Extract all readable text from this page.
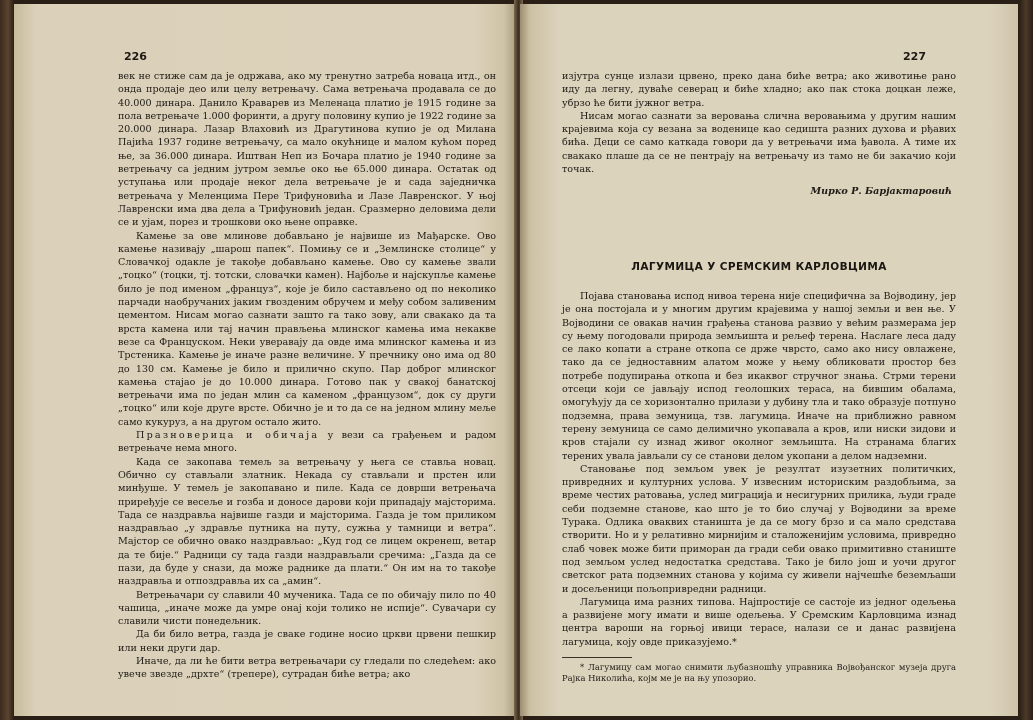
226

век не стиже сам да је одржава, ако му тренутно затреба новаца итд., он онда продаје део или целу ветрењачу. Сама ветрењача продавала се до 40.000 динара. Данило Краварев из Меленаца платио је 1915 године за пола ветрењаче 1.000 форинти, а другу половину купио је 1922 године за 20.000 динара. Лазар Влаховић из Драгутинова купио је од Милана Пајића 1937 године ветрењачу, са малo окућнице и малом кућом поред ње, за 36.000 динара. Иштван Неп из Бочара платио је 1940 године за ветрењачу са једним јутром земље око ње 65.000 динара. Остатак од уступања или продаје неког дела ветрењаче је и сада заједничка ветрењача у Меленцима Пере Трифуновића и Лазе Лавренског. У њој Лавренски има два дела а Трифуновић један. Сразмерно деловима дели се и ујам, порез и трошкови око њене оправке.

Камење за ове млинове добављано је највише из Мађарске. Ово камење називају „шарош папек“. Помињу се и „Землинске столице“ у Словачкој одакле је такође добављано камење. Ово су камење звали „тоцко“ (тоцки, тј. тотски, словачки камен). Најбоље и најскупље камење било је под именом „француз“, које је било састављено од по неколико парчади наобручаних јаким гвозденим обручем и међу собом заливеним цементом. Нисам могао сазнати зашто га тако зову, али свакако да та врста камена или тај начин прављења млинског камења има некакве везе са Француском. Неки уверавају да овде има млинског камења и из Трстеника. Камење је иначе разне величине. У пречнику оно има од 80 до 130 см. Камење је било и прилично скупо. Пар доброг млинског камења стајао је до 10.000 динара. Готово пак у свакој банатској ветрењачи има по један млин са каменом „французом“, док су други „тоцко“ или које друге врсте. Обично је и то да се на једном млину меље само кукуруз, а на другом остало жито.

Празноверица и обичаја у вези са грађењем и радом ветрењаче нема много.

Када се закопава темељ за ветрењачу у њега се ставља новац. Обично су стављали златник. Некада су стављали и прстен или минђуше. У темељ је закопавано и пиле. Када се доврши ветрењача приређује се весеље и гозба и доносе дарови који припадају мајсторима. Тада се наздравља највише газди и мајсторима. Газда је том приликом наздрављао „у здравље путника на путу, сужња у тамници и ветра“. Мајстор се обично овако наздрављао: „Куд год се лицем окренеш, ветар да те бије.“ Радници су тада газди наздрављали сречима: „Газда да се пази, да буде у снази, да може раднике да плати.“ Он им на то такође наздравља и отпоздравља их са „амин“.

Ветрењачари су славили 40 мученика. Тада се по обичају пило по 40 чашица, „иначе може да умре онај који толико не испије“. Сувачари су славили чисти понедељник.

Да би било ветра, газда је сваке године носио цркви црвени пешкир или неки други дар.

Иначе, да ли ће бити ветра ветрењачари су гледали по следећем: ако увече звезде „дрхте“ (трепере), сутрадан биће ветра; ако

227

изјутра сунце излази црвено, преко дана биће ветра; ако животиње рано иду да легну, дуваће северац и биће хладно; ако пак стока доцкан леже, убрзо ће бити јужног ветра.

Нисам могао сазнати за веровања слична веровањима у другим нашим крајевима која су везана за воденице као седишта разних духова и рђавих бића. Деци се само каткада говори да у ветрењачи има ђавола. А тиме их свакако плаше да се не пентрају на ветрењачу из тамо не би закачио који точак.

Мирко Р. Барјактаровић
ЛАГУМИЦА У СРЕМСКИМ КАРЛОВЦИМА

Појава становања испод нивоа терена није специфична за Војводину, јер је она постојала и у многим другим крајевима у нашој земљи и вен ње. У Војводини се овакав начин грађења станова развио у већим размерама јер су њему погодовали природа земљишта и рељеф терена. Наслаге леса даду се лако копати а стране откопа се држе чврсто, само ако нису овлажене, тако да се једноставним алатом може у њему обликовати простор без потребе подупирања откопа и без икаквог стручног знања. Стрми терени отсеци који се јављају испод геолошких тераса, на бившим обалама, омогућују да се хоризонтално прилази у дубину тла и тако образује потпуно подземна, права земуница, тзв. лагумица. Иначе на приближно равном терену земуница се само делимично укопавала а кров, или ниски зидови и кров стајали су изнад живог околног земљишта. На странама благих терених увала јављали су се станови делом укопани а делом надземни.

Становање под земљом увек је резултат изузетних политичких, привредних и културних услова. У извесним историским раздобљима, за време честих ратовања, услед миграција и несигурних прилика, људи граде себи подземне станове, као што је то био случај у Војводини за време Турака. Одлика оваквих станишта је да се могу брзо и са мало средстава створити. Но и у релативно мирнијим и сталоженијим условима, привредно слаб човек може бити приморан да гради себи овако примитивно станиште под земљом услед недостатка средстава. Тако је било још и уочи другог светског рата подземних станова у којима су живели најчешће беземљаши и досељеници пољопривредни радници.

Лагумица има разних типова. Најпростије се састоје из једног одељења а развијене могу имати и више одељења. У Сремским Карловцима изнад центра вароши на горњој ивици терасе, налази се и данас развијена лагумица, коју овде приказујемо.*

* Лагумицу сам могао снимити љубазношћу управника Војвођанског музеја друга Рајка Николића, којм ме је на њу упозорио.
